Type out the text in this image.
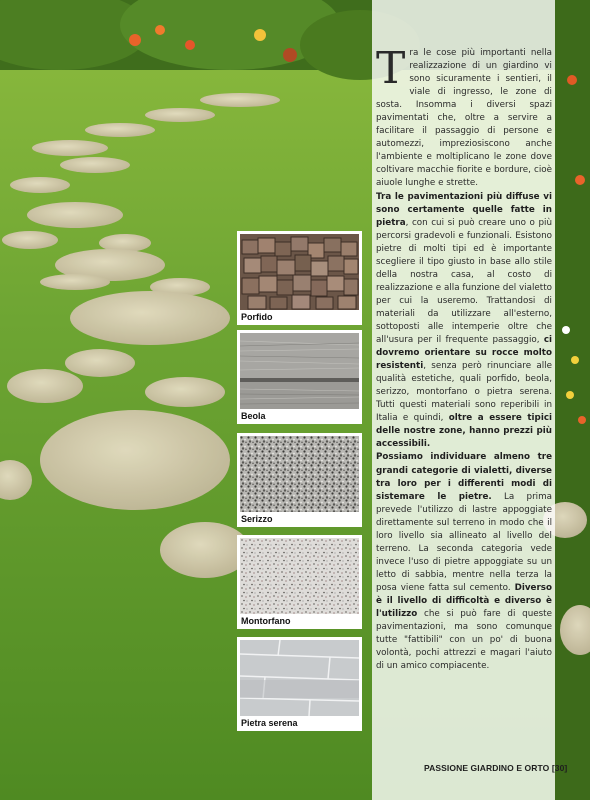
Porfido
Beola
Serizzo
Montorfano
Pietra serena
Tra le cose più importanti nella realizzazione di un giardino vi sono sicuramente i sentieri, il viale di ingresso, le zone di sosta. Insomma i diversi spazi pavimentati che, oltre a servire a facilitare il passaggio di persone e automezzi, impreziosiscono anche l'ambiente e moltiplicano le zone dove coltivare macchie fiorite e bordure, cioè aiuole lunghe e strette.
Tra le pavimentazioni più diffuse vi sono certamente quelle fatte in pietra, con cui si può creare uno o più percorsi gradevoli e funzionali. Esistono pietre di molti tipi ed è importante scegliere il tipo giusto in base allo stile della nostra casa, al costo di realizzazione e alla funzione del vialetto per cui la useremo. Trattandosi di materiali da utilizzare all'esterno, sottoposti alle intemperie oltre che all'usura per il frequente passaggio, ci dovremo orientare su rocce molto resistenti, senza però rinunciare alle qualità estetiche, quali porfido, beola, serizzo, montorfano o pietra serena. Tutti questi materiali sono reperibili in Italia e quindi, oltre a essere tipici delle nostre zone, hanno prezzi più accessibili.
Possiamo individuare almeno tre grandi categorie di vialetti, diverse tra loro per i differenti modi di sistemare le pietre. La prima prevede l'utilizzo di lastre appoggiate direttamente sul terreno in modo che il loro livello sia allineato al livello del terreno. La seconda categoria vede invece l'uso di pietre appoggiate su un letto di sabbia, mentre nella terza la posa viene fatta sul cemento. Diverso è il livello di difficoltà e diverso è l'utilizzo che si può fare di queste pavimentazioni, ma sono comunque tutte "fattibili" con un po' di buona volontà, pochi attrezzi e magari l'aiuto di un amico compiacente.
PASSIONE GIARDINO E ORTO [30]
